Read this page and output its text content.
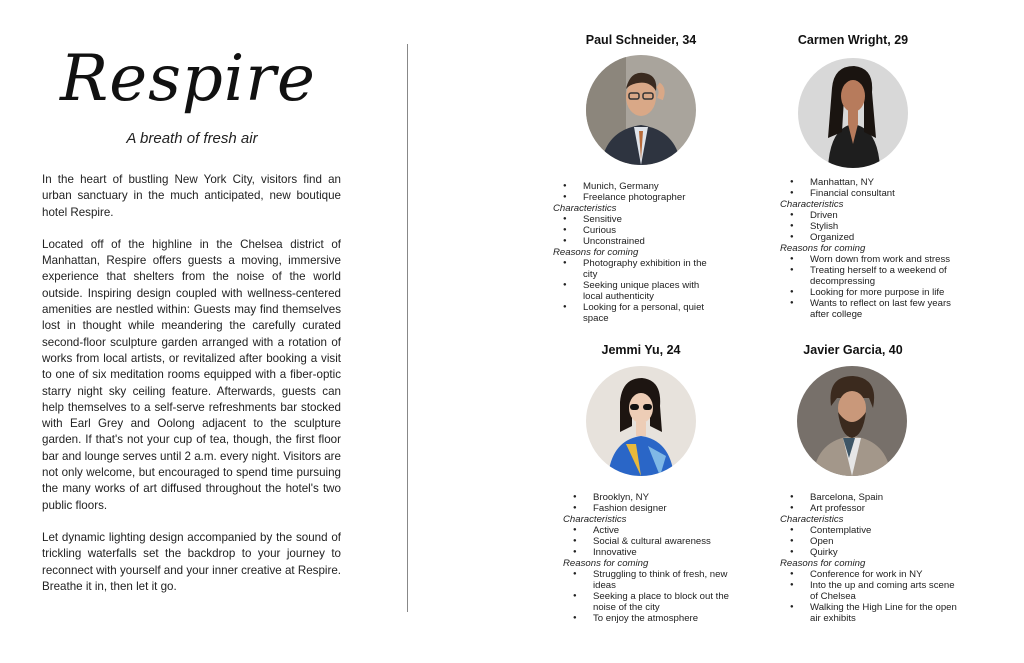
Respire
A breath of fresh air

In the heart of bustling New York City, visitors find an urban sanctuary in the much anticipated, new boutique hotel Respire.

Located off of the highline in the Chelsea district of Manhattan, Respire offers guests a moving, immersive experience that shelters from the noise of the world outside. Inspiring design coupled with wellness-centered amenities are nestled within: Guests may find themselves lost in thought while meandering the carefully curated second-floor sculpture garden arranged with a rotation of works from local artists, or revitalized after booking a visit to one of six meditation rooms equipped with a fiber-optic starry night sky ceiling feature. Afterwards, guests can help themselves to a self-serve refreshments bar stocked with Earl Grey and Oolong adjacent to the sculpture garden. If that's not your cup of tea, though, the first floor bar and lounge serves until 2 a.m. every night. Visitors are not only welcome, but encouraged to spend time pursuing the many works of art diffused throughout the hotel's two public floors.

Let dynamic lighting design accompanied by the sound of trickling waterfalls set the backdrop to your journey to reconnect with yourself and your inner creative at Respire. Breathe it in, then let it go.

Paul Schneider, 34
● Munich, Germany
● Freelance photographer
Characteristics
● Sensitive
● Curious
● Unconstrained
Reasons for coming
● Photography exhibition in the city
● Seeking unique places with local authenticity
● Looking for a personal, quiet space
Carmen Wright, 29
● Manhattan, NY
● Financial consultant
Characteristics
● Driven
● Stylish
● Organized
Reasons for coming
● Worn down from work and stress
● Treating herself to a weekend of decompressing
● Looking for more purpose in life
● Wants to reflect on last few years after college
Jemmi Yu, 24
● Brooklyn, NY
● Fashion designer
Characteristics
● Active
● Social & cultural awareness
● Innovative
Reasons for coming
● Struggling to think of fresh, new ideas
● Seeking a place to block out the noise of the city
● To enjoy the atmosphere
Javier Garcia, 40
● Barcelona, Spain
● Art professor
Characteristics
● Contemplative
● Open
● Quirky
Reasons for coming
● Conference for work in NY
● Into the up and coming arts scene of Chelsea
● Walking the High Line for the open air exhibits
